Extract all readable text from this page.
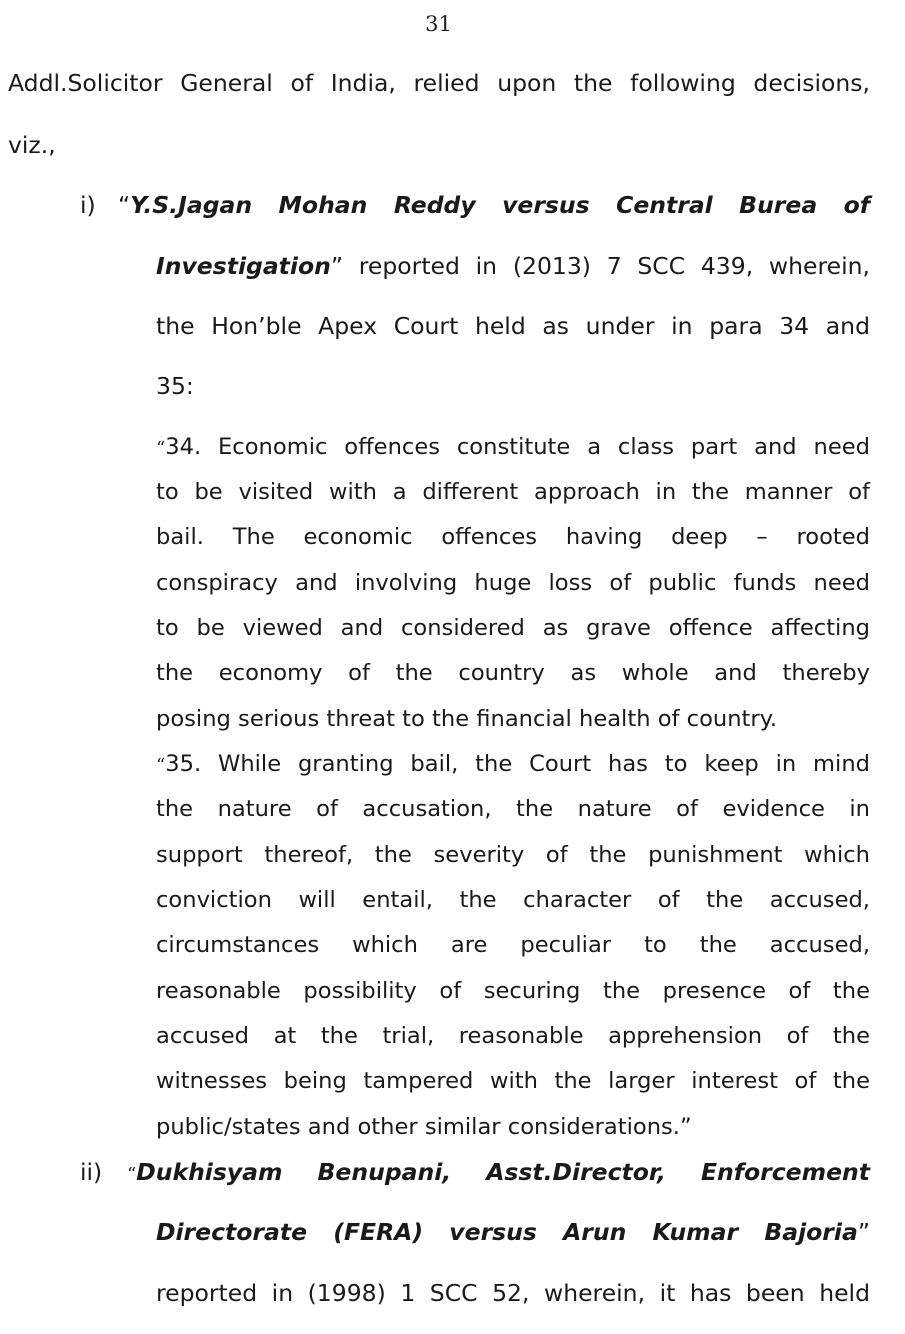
31
Addl.Solicitor General of India, relied upon the following decisions,
viz.,
i) “Y.S.Jagan Mohan Reddy versus Central Burea of
Investigation” reported in (2013) 7 SCC 439, wherein,
the Hon’ble Apex Court held as under in para 34 and
35:
“34. Economic offences constitute a class part and need
to be visited with a different approach in the manner of
bail. The economic offences having deep – rooted
conspiracy and involving huge loss of public funds need
to be viewed and considered as grave offence affecting
the economy of the country as whole and thereby
posing serious threat to the financial health of country.
“35. While granting bail, the Court has to keep in mind
the nature of accusation, the nature of evidence in
support thereof, the severity of the punishment which
conviction will entail, the character of the accused,
circumstances which are peculiar to the accused,
reasonable possibility of securing the presence of the
accused at the trial, reasonable apprehension of the
witnesses being tampered with the larger interest of the
public/states and other similar considerations.”
ii) “Dukhisyam Benupani, Asst.Director, Enforcement
Directorate (FERA) versus Arun Kumar Bajoria”
reported in (1998) 1 SCC 52, wherein, it has been held
